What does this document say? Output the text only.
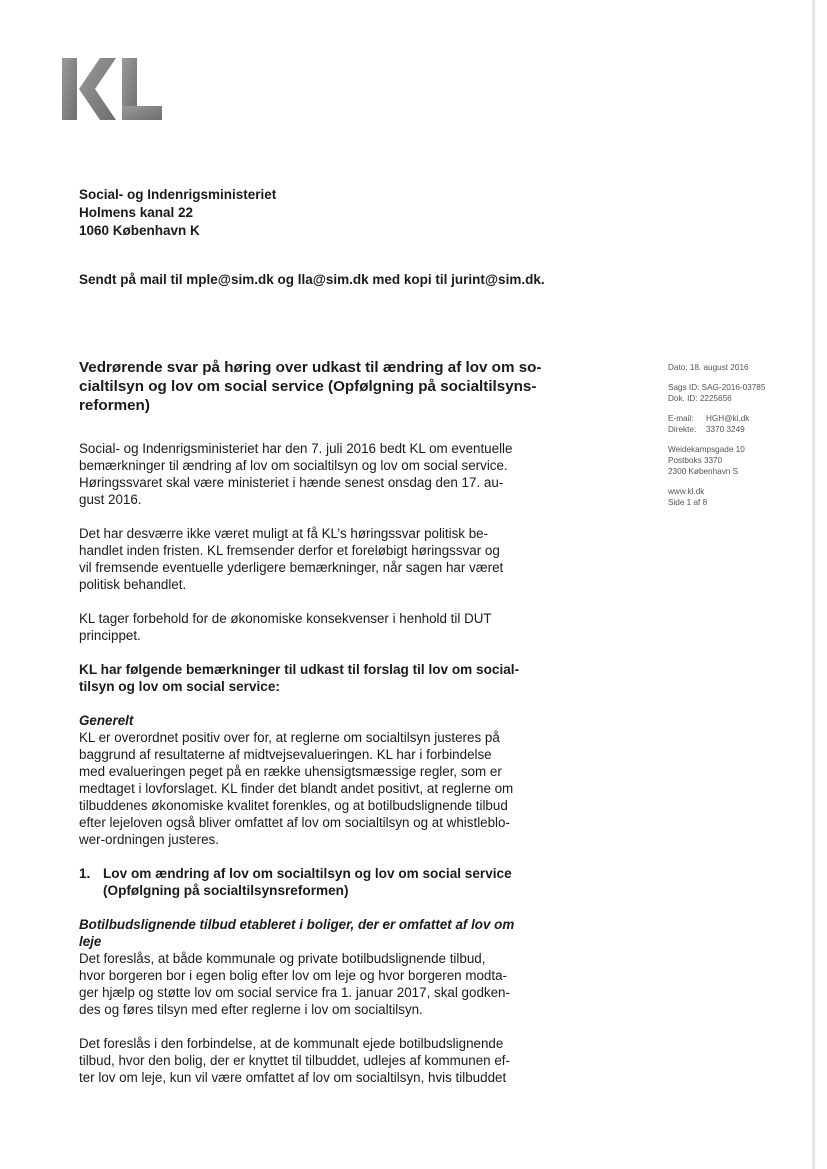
Social- og Indenrigsministeriet
Holmens kanal 22
1060 København K
Sendt på mail til mple@sim.dk og lla@sim.dk med kopi til jurint@sim.dk.
Vedrørende svar på høring over udkast til ændring af lov om so-
cialtilsyn og lov om social service (Opfølgning på socialtilsyns-
reformen)

Social- og Indenrigsministeriet har den 7. juli 2016 bedt KL om eventuelle
bemærkninger til ændring af lov om socialtilsyn og lov om social service.
Høringssvaret skal være ministeriet i hænde senest onsdag den 17. au-
gust 2016.

Det har desværre ikke været muligt at få KL’s høringssvar politisk be-
handlet inden fristen. KL fremsender derfor et foreløbigt høringssvar og
vil fremsende eventuelle yderligere bemærkninger, når sagen har været
politisk behandlet.

KL tager forbehold for de økonomiske konsekvenser i henhold til DUT
princippet.

KL har følgende bemærkninger til udkast til forslag til lov om social-
tilsyn og lov om social service:

Generelt
KL er overordnet positiv over for, at reglerne om socialtilsyn justeres på
baggrund af resultaterne af midtvejsevalueringen. KL har i forbindelse
med evalueringen peget på en række uhensigtsmæssige regler, som er
medtaget i lovforslaget. KL finder det blandt andet positivt, at reglerne om
tilbuddenes økonomiske kvalitet forenkles, og at botilbudslignende tilbud
efter lejeloven også bliver omfattet af lov om socialtilsyn og at whistleblo-
wer-ordningen justeres.

1. Lov om ændring af lov om socialtilsyn og lov om social service
(Opfølgning på socialtilsynsreformen)

Botilbudslignende tilbud etableret i boliger, der er omfattet af lov om
leje
Det foreslås, at både kommunale og private botilbudslignende tilbud,
hvor borgeren bor i egen bolig efter lov om leje og hvor borgeren modta-
ger hjælp og støtte lov om social service fra 1. januar 2017, skal godken-
des og føres tilsyn med efter reglerne i lov om socialtilsyn.

Det foreslås i den forbindelse, at de kommunalt ejede botilbudslignende
tilbud, hvor den bolig, der er knyttet til tilbuddet, udlejes af kommunen ef-
ter lov om leje, kun vil være omfattet af lov om socialtilsyn, hvis tilbuddet

Dato: 18. august 2016
Sags ID: SAG-2016-03785
Dok. ID: 2225656
E-mail: HGH@kl.dk
Direkte: 3370 3249
Weidekampsgade 10
Postboks 3370
2300 København S
www.kl.dk
Side 1 af 8
